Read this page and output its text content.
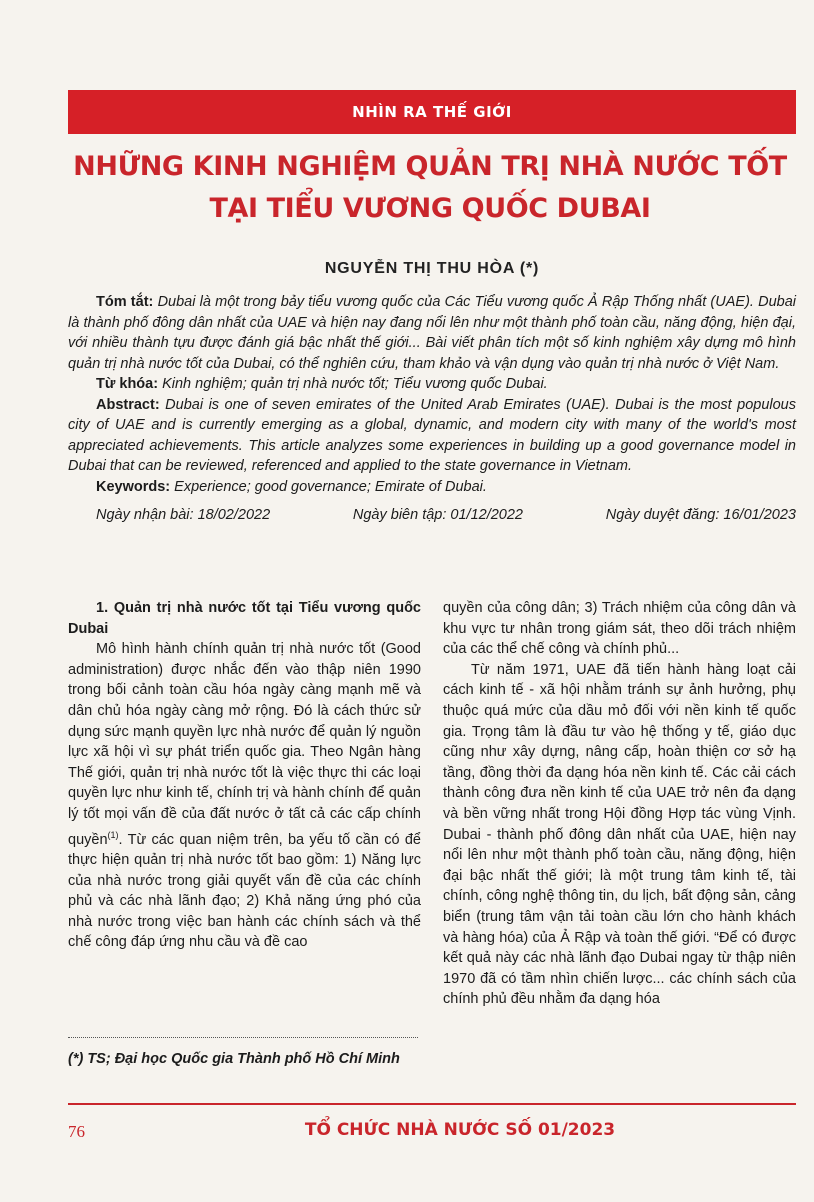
NHÌN RA THẾ GIỚI
NHỮNG KINH NGHIỆM QUẢN TRỊ NHÀ NƯỚC TỐT
TẠI TIỂU VƯƠNG QUỐC DUBAI
NGUYỄN THỊ THU HÒA (*)

Tóm tắt: Dubai là một trong bảy tiểu vương quốc của Các Tiểu vương quốc Ả Rập Thống nhất (UAE). Dubai là thành phố đông dân nhất của UAE và hiện nay đang nổi lên như một thành phố toàn cầu, năng động, hiện đại, với nhiều thành tựu được đánh giá bậc nhất thế giới... Bài viết phân tích một số kinh nghiệm xây dựng mô hình quản trị nhà nước tốt của Dubai, có thể nghiên cứu, tham khảo và vận dụng vào quản trị nhà nước ở Việt Nam.

Từ khóa: Kinh nghiệm; quản trị nhà nước tốt; Tiểu vương quốc Dubai.

Abstract: Dubai is one of seven emirates of the United Arab Emirates (UAE). Dubai is the most populous city of UAE and is currently emerging as a global, dynamic, and modern city with many of the world's most appreciated achievements. This article analyzes some experiences in building up a good governance model in Dubai that can be reviewed, referenced and applied to the state governance in Vietnam.

Keywords: Experience; good governance; Emirate of Dubai.

Ngày nhận bài: 18/02/2022	Ngày biên tập: 01/12/2022	Ngày duyệt đăng: 16/01/2023

1. Quản trị nhà nước tốt tại Tiểu vương quốc Dubai

Mô hình hành chính quản trị nhà nước tốt (Good administration) được nhắc đến vào thập niên 1990 trong bối cảnh toàn cầu hóa ngày càng mạnh mẽ và dân chủ hóa ngày càng mở rộng. Đó là cách thức sử dụng sức mạnh quyền lực nhà nước để quản lý nguồn lực xã hội vì sự phát triển quốc gia. Theo Ngân hàng Thế giới, quản trị nhà nước tốt là việc thực thi các loại quyền lực như kinh tế, chính trị và hành chính để quản lý tốt mọi vấn đề của đất nước ở tất cả các cấp chính quyền$^{(1)}$. Từ các quan niệm trên, ba yếu tố cần có để thực hiện quản trị nhà nước tốt bao gồm: 1) Năng lực của nhà nước trong giải quyết vấn đề của các chính phủ và các nhà lãnh đạo; 2) Khả năng ứng phó của nhà nước trong việc ban hành các chính sách và thể chế công đáp ứng nhu cầu và đề cao

(*) TS; Đại học Quốc gia Thành phố Hồ Chí Minh

quyền của công dân; 3) Trách nhiệm của công dân và khu vực tư nhân trong giám sát, theo dõi trách nhiệm của các thể chế công và chính phủ...

Từ năm 1971, UAE đã tiến hành hàng loạt cải cách kinh tế - xã hội nhằm tránh sự ảnh hưởng, phụ thuộc quá mức của dầu mỏ đối với nền kinh tế quốc gia. Trọng tâm là đầu tư vào hệ thống y tế, giáo dục cũng như xây dựng, nâng cấp, hoàn thiện cơ sở hạ tầng, đồng thời đa dạng hóa nền kinh tế. Các cải cách thành công đưa nền kinh tế của UAE trở nên đa dạng và bền vững nhất trong Hội đồng Hợp tác vùng Vịnh. Dubai - thành phố đông dân nhất của UAE, hiện nay nổi lên như một thành phố toàn cầu, năng động, hiện đại bậc nhất thế giới; là một trung tâm kinh tế, tài chính, công nghệ thông tin, du lịch, bất động sản, cảng biển (trung tâm vận tải toàn cầu lớn cho hành khách và hàng hóa) của Ả Rập và toàn thế giới. “Để có được kết quả này các nhà lãnh đạo Dubai ngay từ thập niên 1970 đã có tầm nhìn chiến lược... các chính sách của chính phủ đều nhằm đa dạng hóa

76	TỔ CHỨC NHÀ NƯỚC SỐ 01/2023
